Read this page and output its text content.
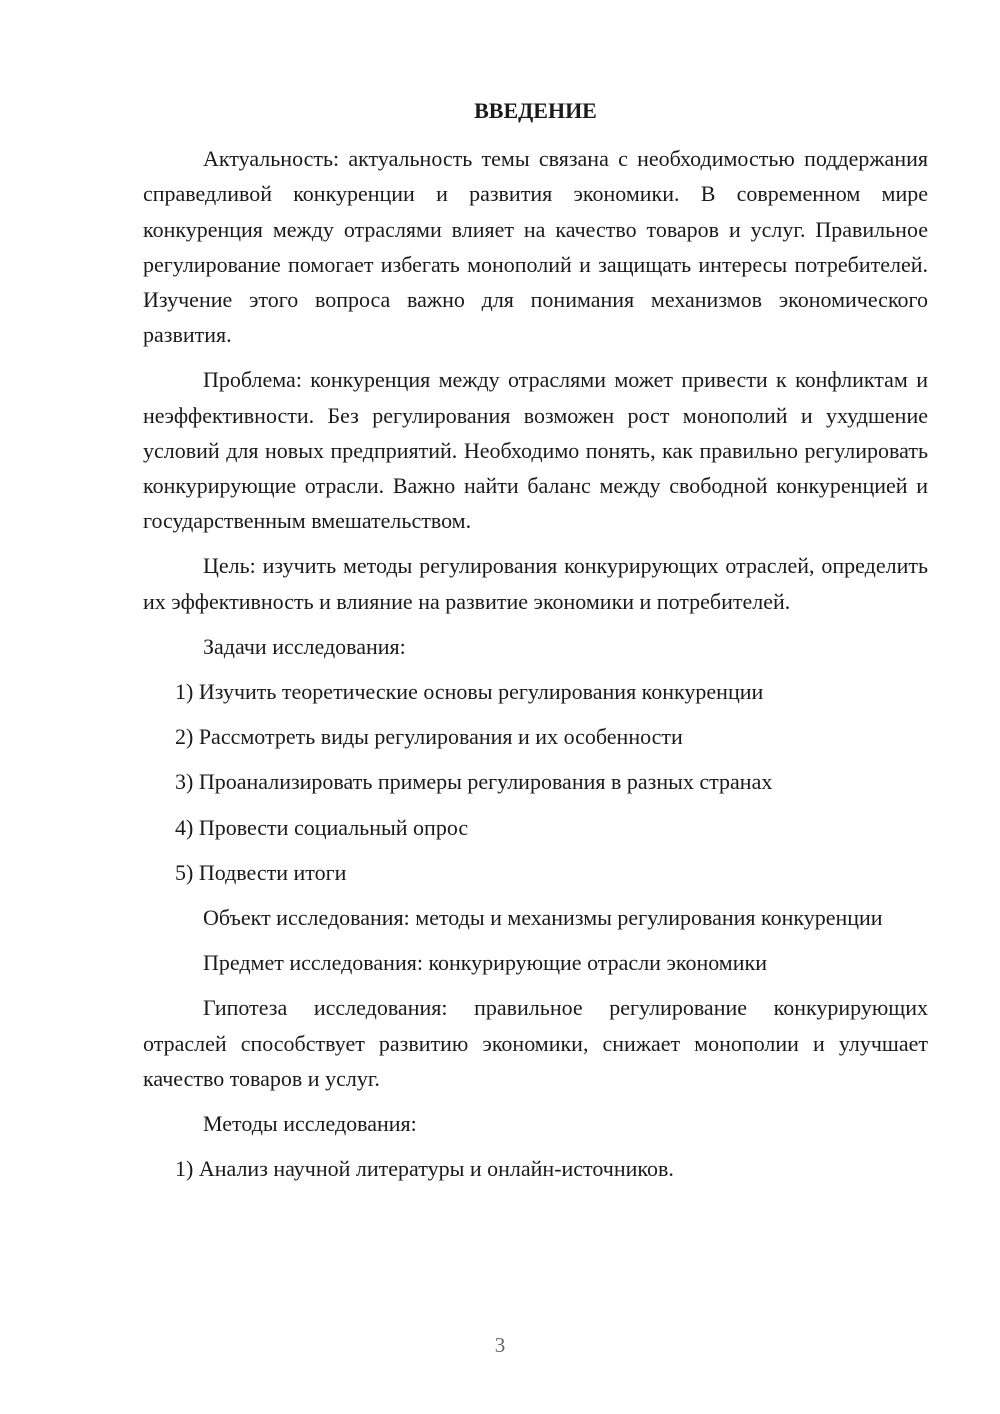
ВВЕДЕНИЕ
Актуальность: актуальность темы связана с необходимостью поддержания справедливой конкуренции и развития экономики. В современном мире конкуренция между отраслями влияет на качество товаров и услуг. Правильное регулирование помогает избегать монополий и защищать интересы потребителей. Изучение этого вопроса важно для понимания механизмов экономического развития.
Проблема: конкуренция между отраслями может привести к конфликтам и неэффективности. Без регулирования возможен рост монополий и ухудшение условий для новых предприятий. Необходимо понять, как правильно регулировать конкурирующие отрасли. Важно найти баланс между свободной конкуренцией и государственным вмешательством.
Цель: изучить методы регулирования конкурирующих отраслей, определить их эффективность и влияние на развитие экономики и потребителей.
Задачи исследования:
1) Изучить теоретические основы регулирования конкуренции
2) Рассмотреть виды регулирования и их особенности
3) Проанализировать примеры регулирования в разных странах
4) Провести социальный опрос
5) Подвести итоги
Объект исследования: методы и механизмы регулирования конкуренции
Предмет исследования: конкурирующие отрасли экономики
Гипотеза исследования: правильное регулирование конкурирующих отраслей способствует развитию экономики, снижает монополии и улучшает качество товаров и услуг.
Методы исследования:
1) Анализ научной литературы и онлайн-источников.
3
